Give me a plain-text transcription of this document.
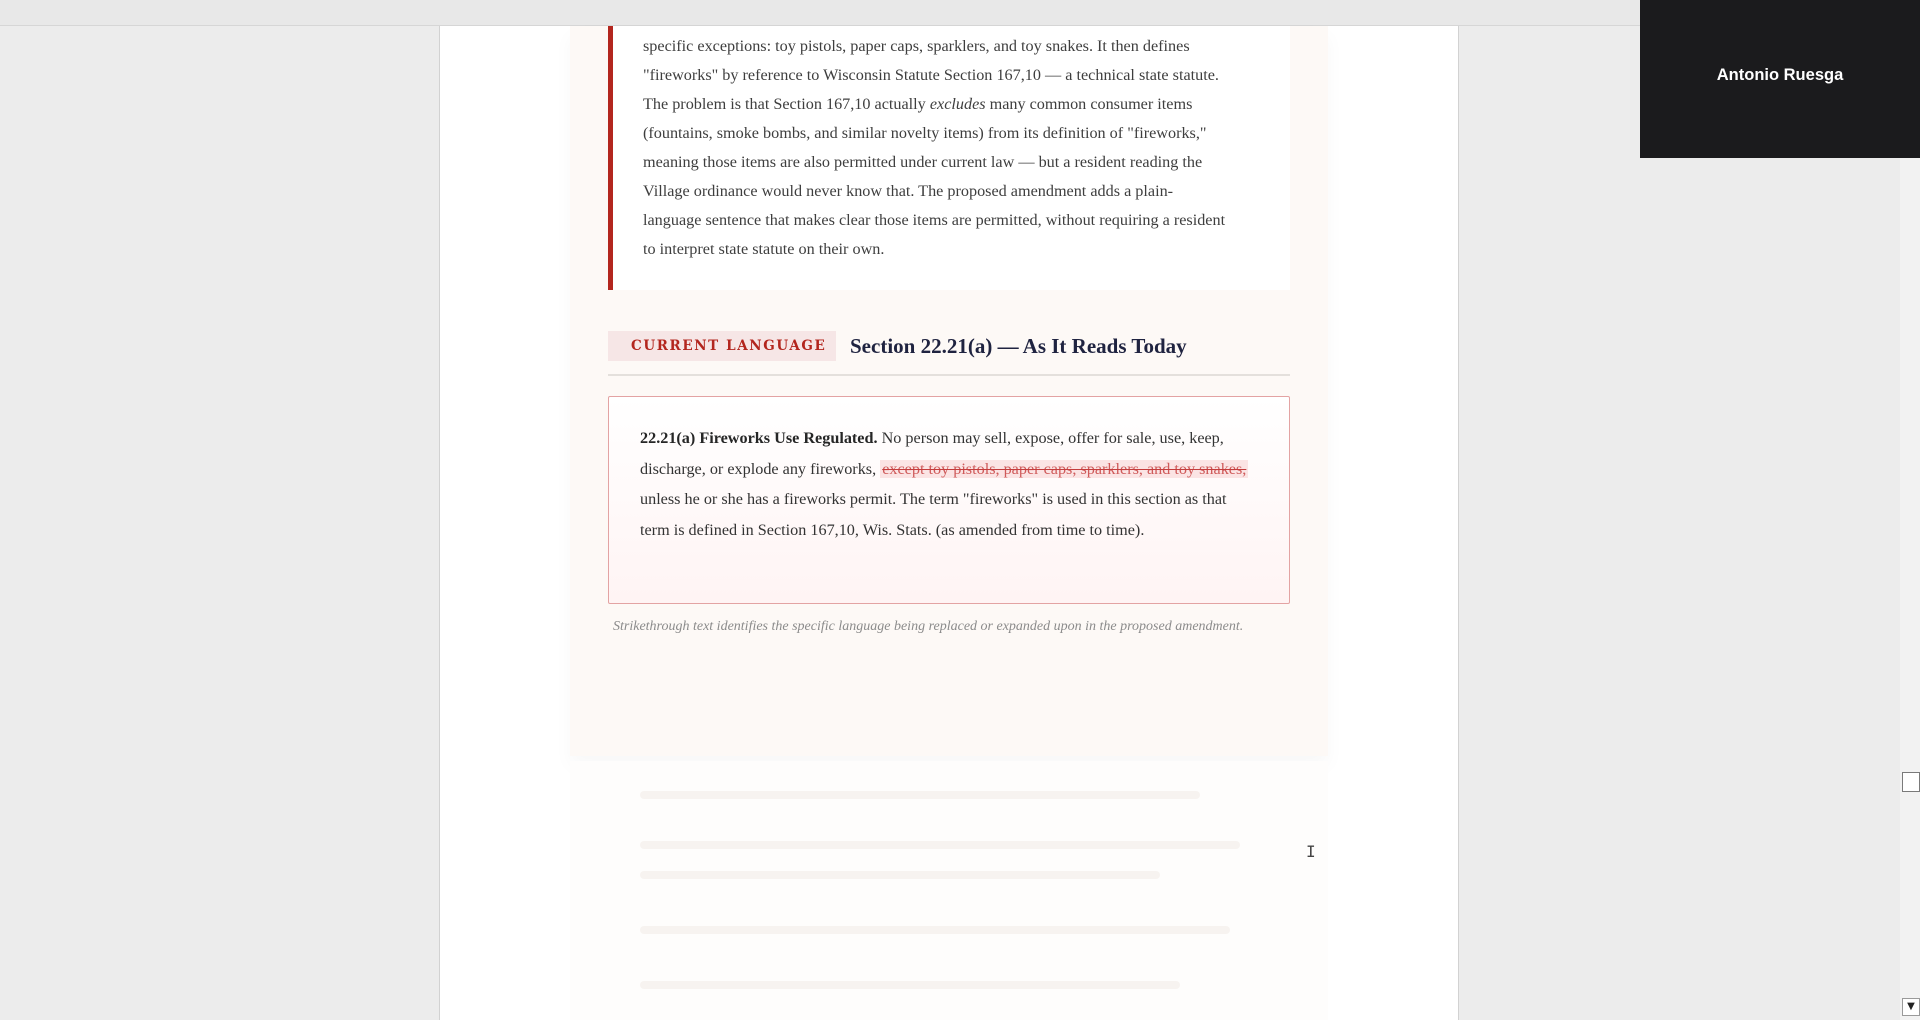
specific exceptions: toy pistols, paper caps, sparklers, and toy snakes. It then defines
"fireworks" by reference to Wisconsin Statute Section 167,10 — a technical state statute.
The problem is that Section 167,10 actually excludes many common consumer items
(fountains, smoke bombs, and similar novelty items) from its definition of "fireworks,"
meaning those items are also permitted under current law — but a resident reading the
Village ordinance would never know that. The proposed amendment adds a plain-
language sentence that makes clear those items are permitted, without requiring a resident
to interpret state statute on their own.

CURRENT LANGUAGE	Section 22.21(a) — As It Reads Today

22.21(a) Fireworks Use Regulated. No person may sell, expose, offer for sale, use, keep, discharge, or explode any fireworks, except toy pistols, paper caps, sparklers, and toy snakes, unless he or she has a fireworks permit. The term "fireworks" is used in this section as that term is defined in Section 167,10, Wis. Stats. (as amended from time to time).

Strikethrough text identifies the specific language being replaced or expanded upon in the proposed amendment.
I
Antonio Ruesga
▼
